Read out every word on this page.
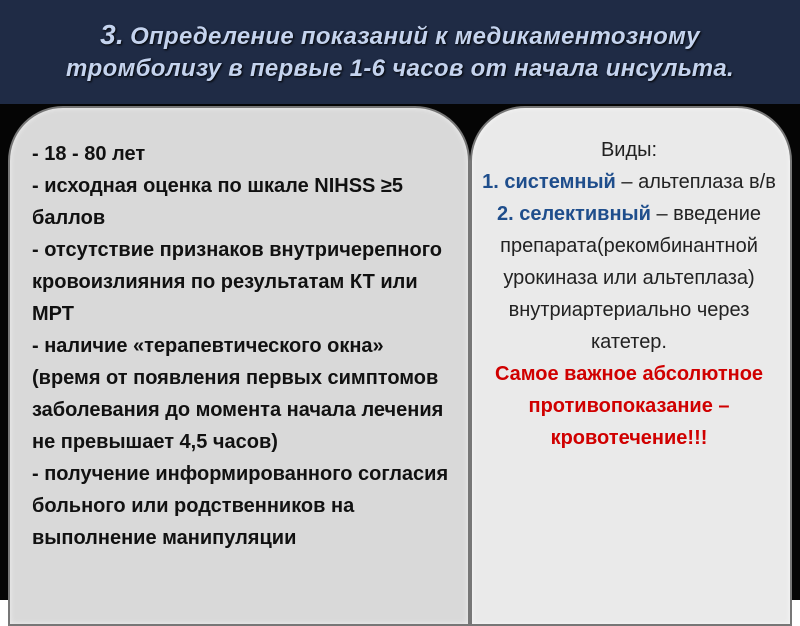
3. Определение показаний к медикаментозному тромболизу в первые 1-6 часов от начала инсульта.
- 18 - 80 лет
- исходная оценка по шкале NIHSS ≥5 баллов
- отсутствие признаков внутричерепного кровоизлияния по результатам КТ или МРТ
- наличие «терапевтического окна» (время от появления первых симптомов заболевания до момента начала лечения не превышает 4,5 часов)
- получение информированного согласия больного или родственников на выполнение манипуляции

Виды:

1. системный – альтеплаза в/в

2. селективный – введение препарата(рекомбинантной урокиназа или альтеплаза) внутриартериально через катетер.

Самое важное абсолютное противопоказание – кровотечение!!!
